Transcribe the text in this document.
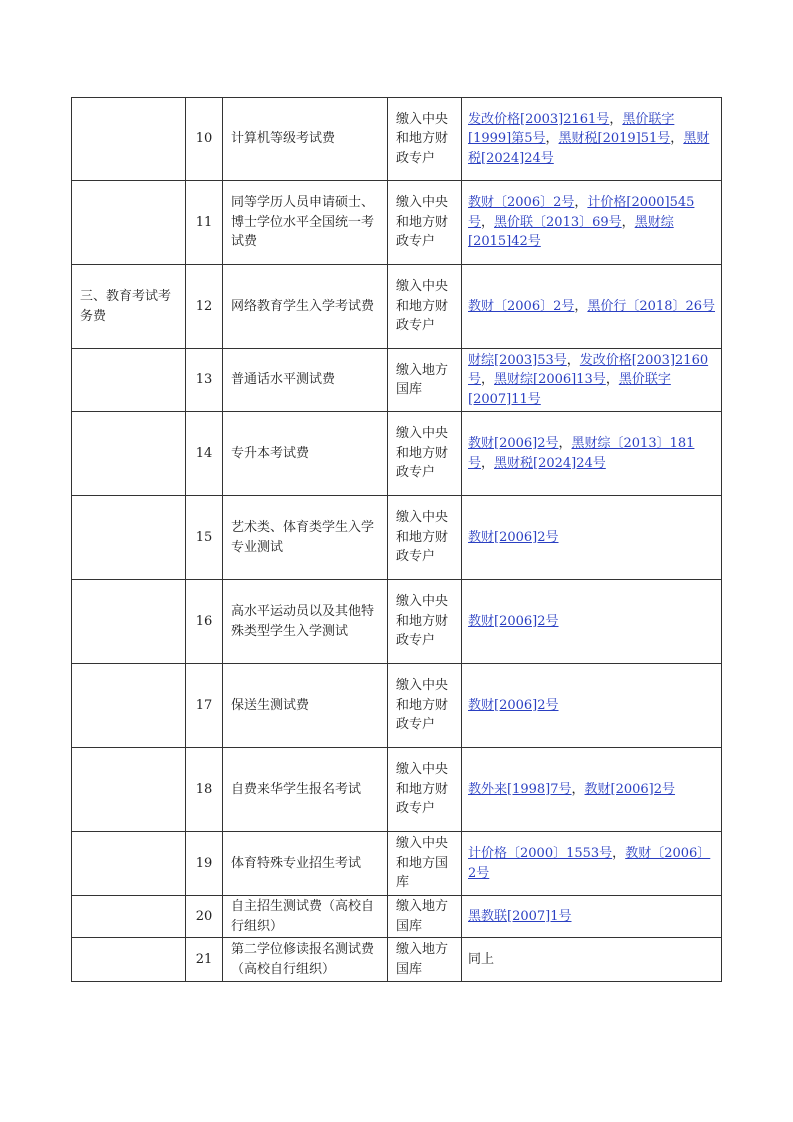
	10	计算机等级考试费	缴入中央和地方财政专户	发改价格[2003]2161号，黑价联字[1999]第5号，黑财税[2019]51号，黑财税[2024]24号
	11	同等学历人员申请硕士、博士学位水平全国统一考试费	缴入中央和地方财政专户	教财〔2006〕2号，计价格[2000]545号，黑价联〔2013〕69号，黑财综[2015]42号
三、教育考试考务费	12	网络教育学生入学考试费	缴入中央和地方财政专户	教财〔2006〕2号，黑价行〔2018〕26号
	13	普通话水平测试费	缴入地方国库	财综[2003]53号，发改价格[2003]2160号，黑财综[2006]13号，黑价联字[2007]11号
	14	专升本考试费	缴入中央和地方财政专户	教财[2006]2号，黑财综〔2013〕181号，黑财税[2024]24号
	15	艺术类、体育类学生入学专业测试	缴入中央和地方财政专户	教财[2006]2号
	16	高水平运动员以及其他特殊类型学生入学测试	缴入中央和地方财政专户	教财[2006]2号
	17	保送生测试费	缴入中央和地方财政专户	教财[2006]2号
	18	自费来华学生报名考试	缴入中央和地方财政专户	教外来[1998]7号，教财[2006]2号
	19	体育特殊专业招生考试	缴入中央和地方国库	计价格〔2000〕1553号，教财〔2006〕2号
	20	自主招生测试费（高校自行组织）	缴入地方国库	黑教联[2007]1号
	21	第二学位修读报名测试费（高校自行组织）	缴入地方国库	同上
